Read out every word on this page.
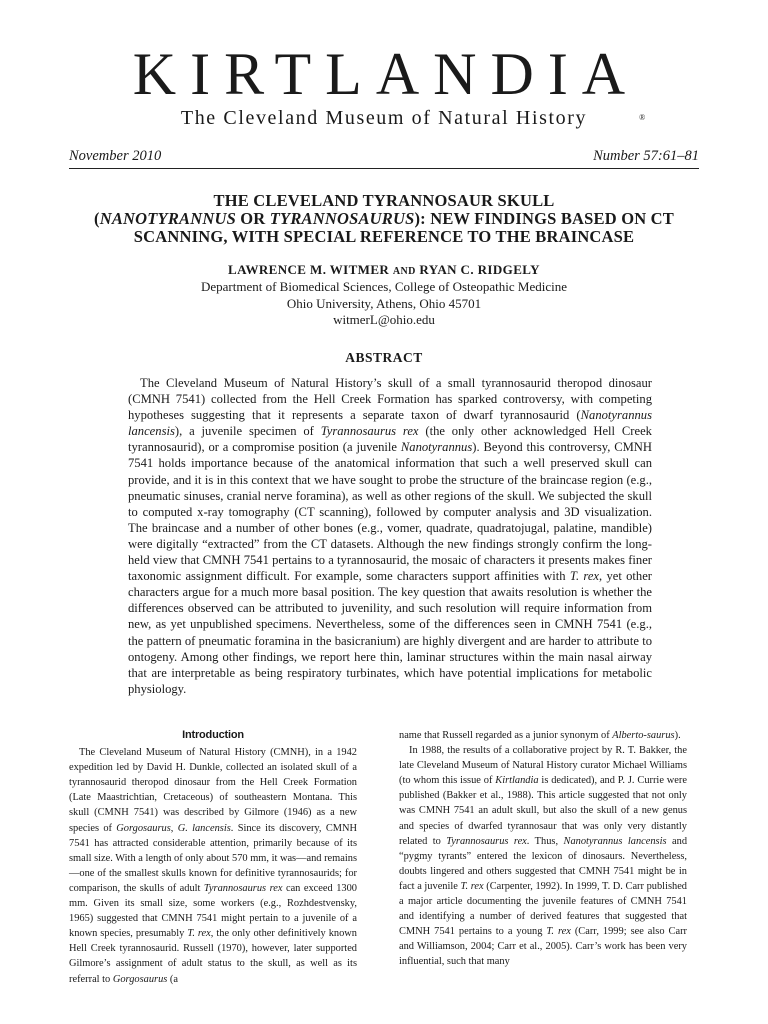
KIRTLANDIA®
The Cleveland Museum of Natural History
November 2010	Number 57:61–81
THE CLEVELAND TYRANNOSAUR SKULL
(NANOTYRANNUS OR TYRANNOSAURUS): NEW FINDINGS BASED ON CT
SCANNING, WITH SPECIAL REFERENCE TO THE BRAINCASE
LAWRENCE M. WITMER AND RYAN C. RIDGELY
Department of Biomedical Sciences, College of Osteopathic Medicine
Ohio University, Athens, Ohio 45701
witmerL@ohio.edu
ABSTRACT

The Cleveland Museum of Natural History’s skull of a small tyrannosaurid theropod dinosaur (CMNH 7541) collected from the Hell Creek Formation has sparked controversy, with competing hypotheses suggesting that it represents a separate taxon of dwarf tyrannosaurid (Nanotyrannus lancensis), a juvenile specimen of Tyrannosaurus rex (the only other acknowledged Hell Creek tyrannosaurid), or a compromise position (a juvenile Nanotyrannus). Beyond this controversy, CMNH 7541 holds importance because of the anatomical information that such a well preserved skull can provide, and it is in this context that we have sought to probe the structure of the braincase region (e.g., pneumatic sinuses, cranial nerve foramina), as well as other regions of the skull. We subjected the skull to computed x-ray tomography (CT scanning), followed by computer analysis and 3D visualization. The braincase and a number of other bones (e.g., vomer, quadrate, quadratojugal, palatine, mandible) were digitally “extracted” from the CT datasets. Although the new findings strongly confirm the long-held view that CMNH 7541 pertains to a tyrannosaurid, the mosaic of characters it presents makes finer taxonomic assignment difficult. For example, some characters support affinities with T. rex, yet other characters argue for a much more basal position. The key question that awaits resolution is whether the differences observed can be attributed to juvenility, and such resolution will require information from new, as yet unpublished specimens. Nevertheless, some of the differences seen in CMNH 7541 (e.g., the pattern of pneumatic foramina in the basicranium) are highly divergent and are harder to attribute to ontogeny. Among other findings, we report here thin, laminar structures within the main nasal airway that are interpretable as being respiratory turbinates, which have potential implications for metabolic physiology.

Introduction

The Cleveland Museum of Natural History (CMNH), in a 1942 expedition led by David H. Dunkle, collected an isolated skull of a tyrannosaurid theropod dinosaur from the Hell Creek Formation (Late Maastrichtian, Cretaceous) of southeastern Montana. This skull (CMNH 7541) was described by Gilmore (1946) as a new species of Gorgosaurus, G. lancensis. Since its discovery, CMNH 7541 has attracted considerable attention, primarily because of its small size. With a length of only about 570 mm, it was—and remains—one of the smallest skulls known for definitive tyrannosaurids; for comparison, the skulls of adult Tyrannosaurus rex can exceed 1300 mm. Given its small size, some workers (e.g., Rozhdestvensky, 1965) suggested that CMNH 7541 might pertain to a juvenile of a known species, presumably T. rex, the only other definitively known Hell Creek tyrannosaurid. Russell (1970), however, later supported Gilmore’s assignment of adult status to the skull, as well as its referral to Gorgosaurus (a

name that Russell regarded as a junior synonym of Alberto-saurus).

In 1988, the results of a collaborative project by R. T. Bakker, the late Cleveland Museum of Natural History curator Michael Williams (to whom this issue of Kirtlandia is dedicated), and P. J. Currie were published (Bakker et al., 1988). This article suggested that not only was CMNH 7541 an adult skull, but also the skull of a new genus and species of dwarfed tyrannosaur that was only very distantly related to Tyrannosaurus rex. Thus, Nanotyrannus lancensis and “pygmy tyrants” entered the lexicon of dinosaurs. Nevertheless, doubts lingered and others suggested that CMNH 7541 might be in fact a juvenile T. rex (Carpenter, 1992). In 1999, T. D. Carr published a major article documenting the juvenile features of CMNH 7541 and identifying a number of derived features that suggested that CMNH 7541 pertains to a young T. rex (Carr, 1999; see also Carr and Williamson, 2004; Carr et al., 2005). Carr’s work has been very influential, such that many
